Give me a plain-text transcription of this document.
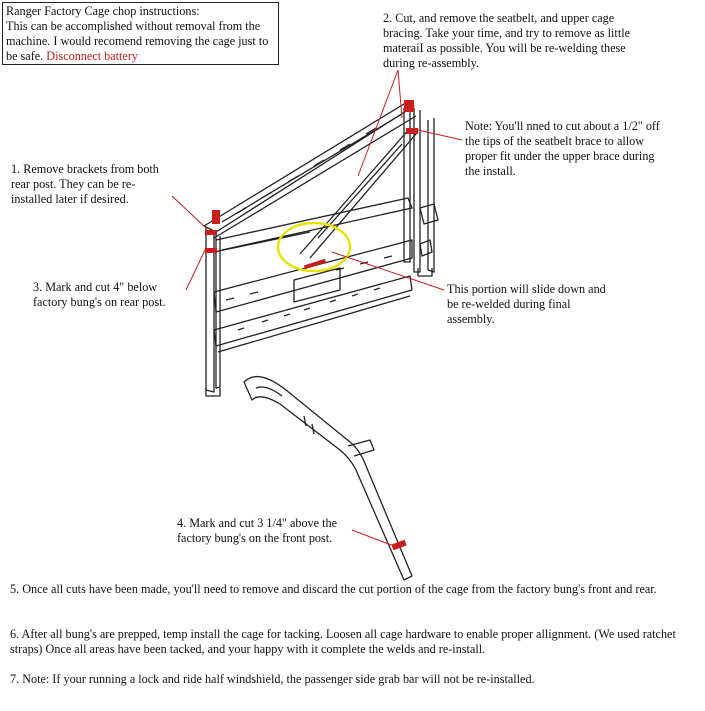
Ranger Factory Cage chop instructions:
This can be accomplished without removal from the machine. I would recomend removing the cage just to be safe. Disconnect battery
2. Cut, and remove the seatbelt, and upper cage
bracing. Take your time, and try to remove as little
materaiI as possible. You will be re-welding these
during re-assembly.
Note: You'll nned to cut about a 1/2" off
the tips of the seatbelt brace to allow
proper fit under the upper brace during
the install.
1. Remove brackets from both
rear post. They can be re-
installed later if desired.
3. Mark and cut 4" below
factory bung's on rear post.
This portion will slide down and
be re-welded during final
assembly.
4. Mark and cut 3 1/4" above the
factory bung's on the front post.
5. Once all cuts have been made, you'll need to remove and discard the cut portion of the cage from the factory bung's front and rear.
6. After all bung's are prepped, temp install the cage for tacking. Loosen all cage hardware to enable proper allignment. (We used ratchet straps) Once all areas have been tacked, and your happy with it complete the welds and re-install.
7. Note: If your running a lock and ride half windshield, the passenger side grab bar will not be re-installed.
